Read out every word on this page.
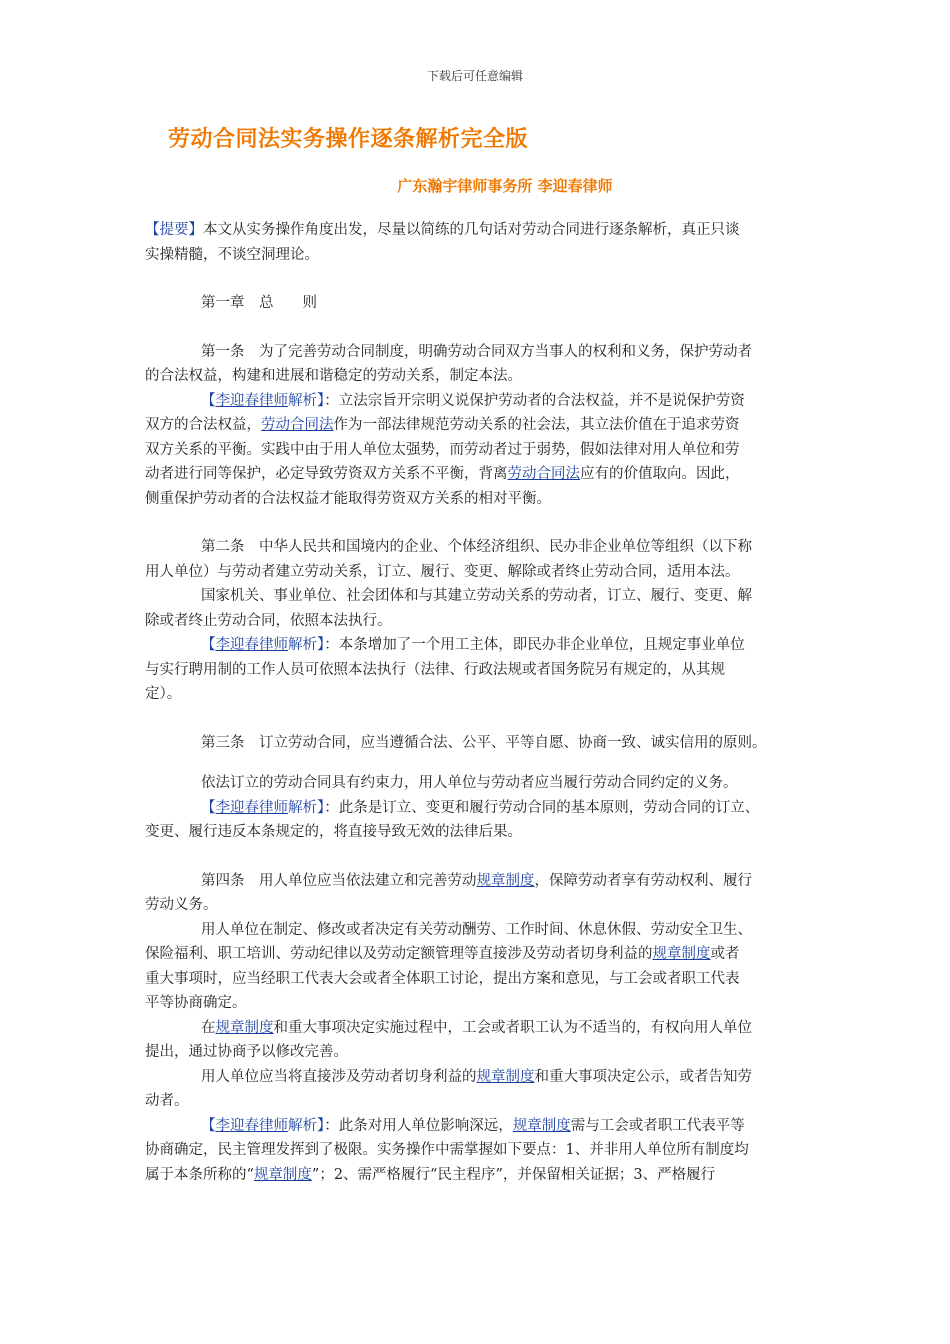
下载后可任意编辑
劳动合同法实务操作逐条解析完全版
广东瀚宇律师事务所 李迎春律师

【提要】本文从实务操作角度出发，尽量以简练的几句话对劳动合同进行逐条解析，真正只谈
实操精髓，不谈空洞理论。

第一章　总　　则

第一条　为了完善劳动合同制度，明确劳动合同双方当事人的权利和义务，保护劳动者
的合法权益，构建和进展和谐稳定的劳动关系，制定本法。
【李迎春律师解析】：立法宗旨开宗明义说保护劳动者的合法权益，并不是说保护劳资
双方的合法权益，劳动合同法作为一部法律规范劳动关系的社会法，其立法价值在于追求劳资
双方关系的平衡。实践中由于用人单位太强势，而劳动者过于弱势，假如法律对用人单位和劳
动者进行同等保护，必定导致劳资双方关系不平衡，背离劳动合同法应有的价值取向。因此，
侧重保护劳动者的合法权益才能取得劳资双方关系的相对平衡。

第二条　中华人民共和国境内的企业、个体经济组织、民办非企业单位等组织（以下称
用人单位）与劳动者建立劳动关系，订立、履行、变更、解除或者终止劳动合同，适用本法。
国家机关、事业单位、社会团体和与其建立劳动关系的劳动者，订立、履行、变更、解
除或者终止劳动合同，依照本法执行。
【李迎春律师解析】：本条增加了一个用工主体，即民办非企业单位，且规定事业单位
与实行聘用制的工作人员可依照本法执行（法律、行政法规或者国务院另有规定的，从其规
定）。

第三条　订立劳动合同，应当遵循合法、公平、平等自愿、协商一致、诚实信用的原则。
依法订立的劳动合同具有约束力，用人单位与劳动者应当履行劳动合同约定的义务。
【李迎春律师解析】：此条是订立、变更和履行劳动合同的基本原则，劳动合同的订立、
变更、履行违反本条规定的，将直接导致无效的法律后果。

第四条　用人单位应当依法建立和完善劳动规章制度，保障劳动者享有劳动权利、履行
劳动义务。
用人单位在制定、修改或者决定有关劳动酬劳、工作时间、休息休假、劳动安全卫生、
保险福利、职工培训、劳动纪律以及劳动定额管理等直接涉及劳动者切身利益的规章制度或者
重大事项时，应当经职工代表大会或者全体职工讨论，提出方案和意见，与工会或者职工代表
平等协商确定。
在规章制度和重大事项决定实施过程中，工会或者职工认为不适当的，有权向用人单位
提出，通过协商予以修改完善。
用人单位应当将直接涉及劳动者切身利益的规章制度和重大事项决定公示，或者告知劳
动者。
【李迎春律师解析】：此条对用人单位影响深远，规章制度需与工会或者职工代表平等
协商确定，民主管理发挥到了极限。实务操作中需掌握如下要点：1、并非用人单位所有制度均
属于本条所称的“规章制度”；2、需严格履行“民主程序”，并保留相关证据；3、严格履行
